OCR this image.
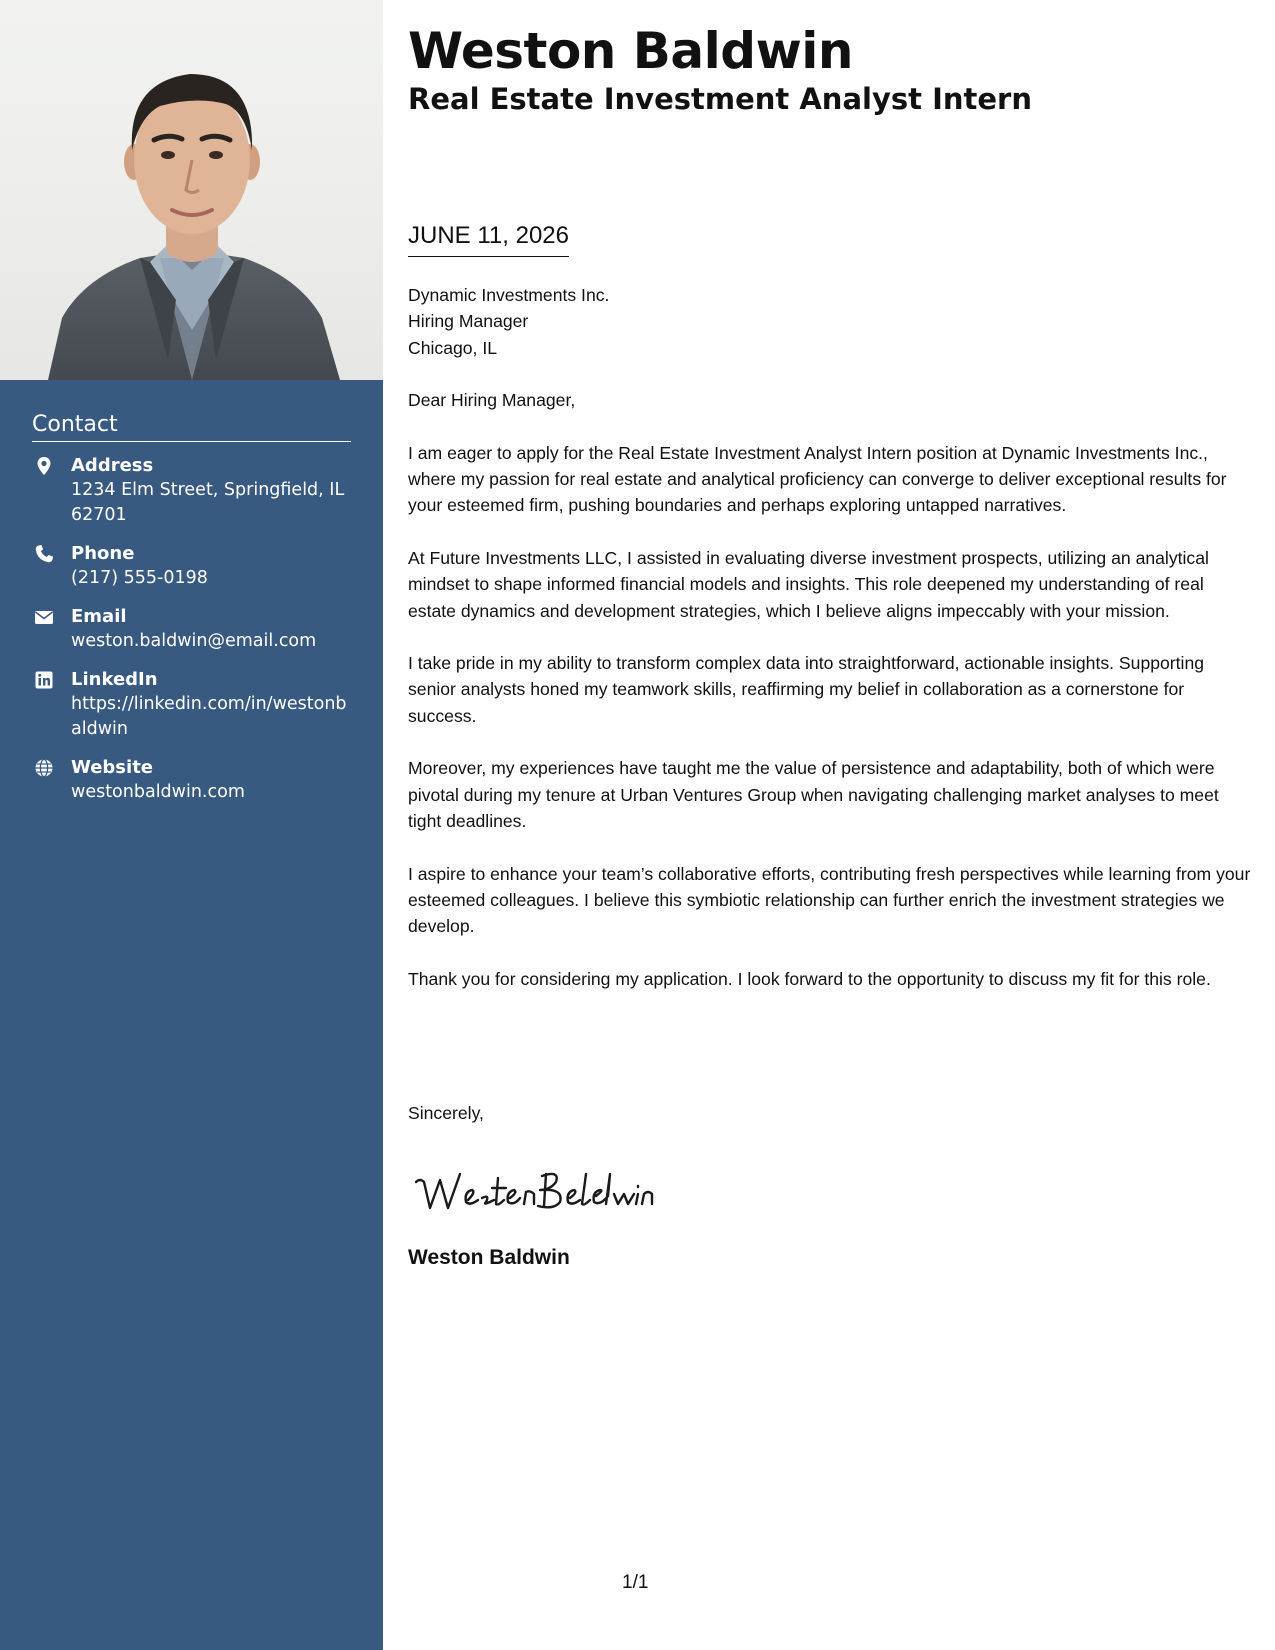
Contact
Address
1234 Elm Street, Springfield, IL 62701
Phone
(217) 555-0198
Email
weston.baldwin@email.com
LinkedIn
https://linkedin.com/in/westonbaldwin
Website
westonbaldwin.com
Weston Baldwin
Real Estate Investment Analyst Intern
JUNE 11, 2026

Dynamic Investments Inc.

Hiring Manager

Chicago, IL

Dear Hiring Manager,

I am eager to apply for the Real Estate Investment Analyst Intern position at Dynamic Investments Inc., where my passion for real estate and analytical proficiency can converge to deliver exceptional results for your esteemed firm, pushing boundaries and perhaps exploring untapped narratives.

At Future Investments LLC, I assisted in evaluating diverse investment prospects, utilizing an analytical mindset to shape informed financial models and insights. This role deepened my understanding of real estate dynamics and development strategies, which I believe aligns impeccably with your mission.

I take pride in my ability to transform complex data into straightforward, actionable insights. Supporting senior analysts honed my teamwork skills, reaffirming my belief in collaboration as a cornerstone for success.

Moreover, my experiences have taught me the value of persistence and adaptability, both of which were pivotal during my tenure at Urban Ventures Group when navigating challenging market analyses to meet tight deadlines.

I aspire to enhance your team’s collaborative efforts, contributing fresh perspectives while learning from your esteemed colleagues. I believe this symbiotic relationship can further enrich the investment strategies we develop.

Thank you for considering my application. I look forward to the opportunity to discuss my fit for this role.

Sincerely,
Weston Baldwin
1/1
